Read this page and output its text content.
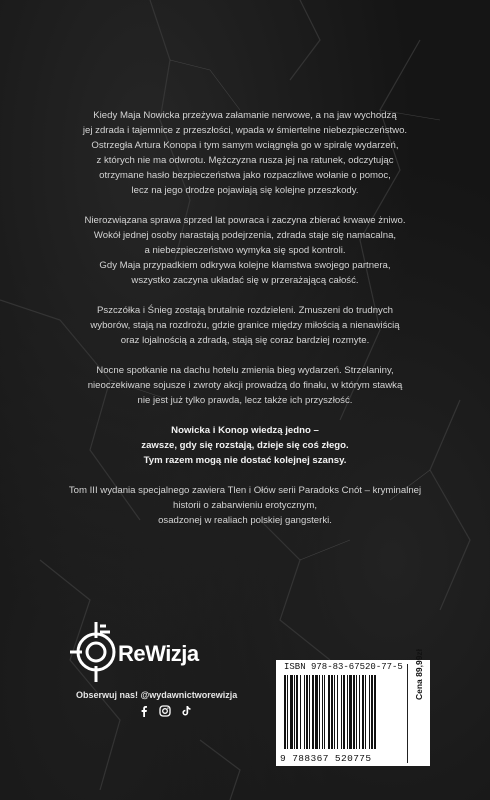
Kiedy Maja Nowicka przeżywa załamanie nerwowe, a na jaw wychodzą
jej zdrada i tajemnice z przeszłości, wpada w śmiertelne niebezpieczeństwo.
Ostrzegła Artura Konopa i tym samym wciągnęła go w spiralę wydarzeń,
z których nie ma odwrotu. Mężczyzna rusza jej na ratunek, odczytując
otrzymane hasło bezpieczeństwa jako rozpaczliwe wołanie o pomoc,
lecz na jego drodze pojawiają się kolejne przeszkody.

Nierozwiązana sprawa sprzed lat powraca i zaczyna zbierać krwawe żniwo.
Wokół jednej osoby narastają podejrzenia, zdrada staje się namacalna,
a niebezpieczeństwo wymyka się spod kontroli.
Gdy Maja przypadkiem odkrywa kolejne kłamstwa swojego partnera,
wszystko zaczyna układać się w przerażającą całość.

Pszczółka i Śnieg zostają brutalnie rozdzieleni. Zmuszeni do trudnych
wyborów, stają na rozdrożu, gdzie granice między miłością a nienawiścią
oraz lojalnością a zdradą, stają się coraz bardziej rozmyte.

Nocne spotkanie na dachu hotelu zmienia bieg wydarzeń. Strzelaniny,
nieoczekiwane sojusze i zwroty akcji prowadzą do finału, w którym stawką
nie jest już tylko prawda, lecz także ich przyszłość.

Nowicka i Konop wiedzą jedno –
zawsze, gdy się rozstają, dzieje się coś złego.
Tym razem mogą nie dostać kolejnej szansy.

Tom III wydania specjalnego zawiera Tlen i Ołów serii Paradoks Cnót – kryminalnej
historii o zabarwieniu erotycznym,
osadzonej w realiach polskiej gangsterki.

ReWizja
Obserwuj nas! @wydawnictworewizja
ISBN 978-83-67520-77-5
9 788367 520775
Cena 89,99zł
